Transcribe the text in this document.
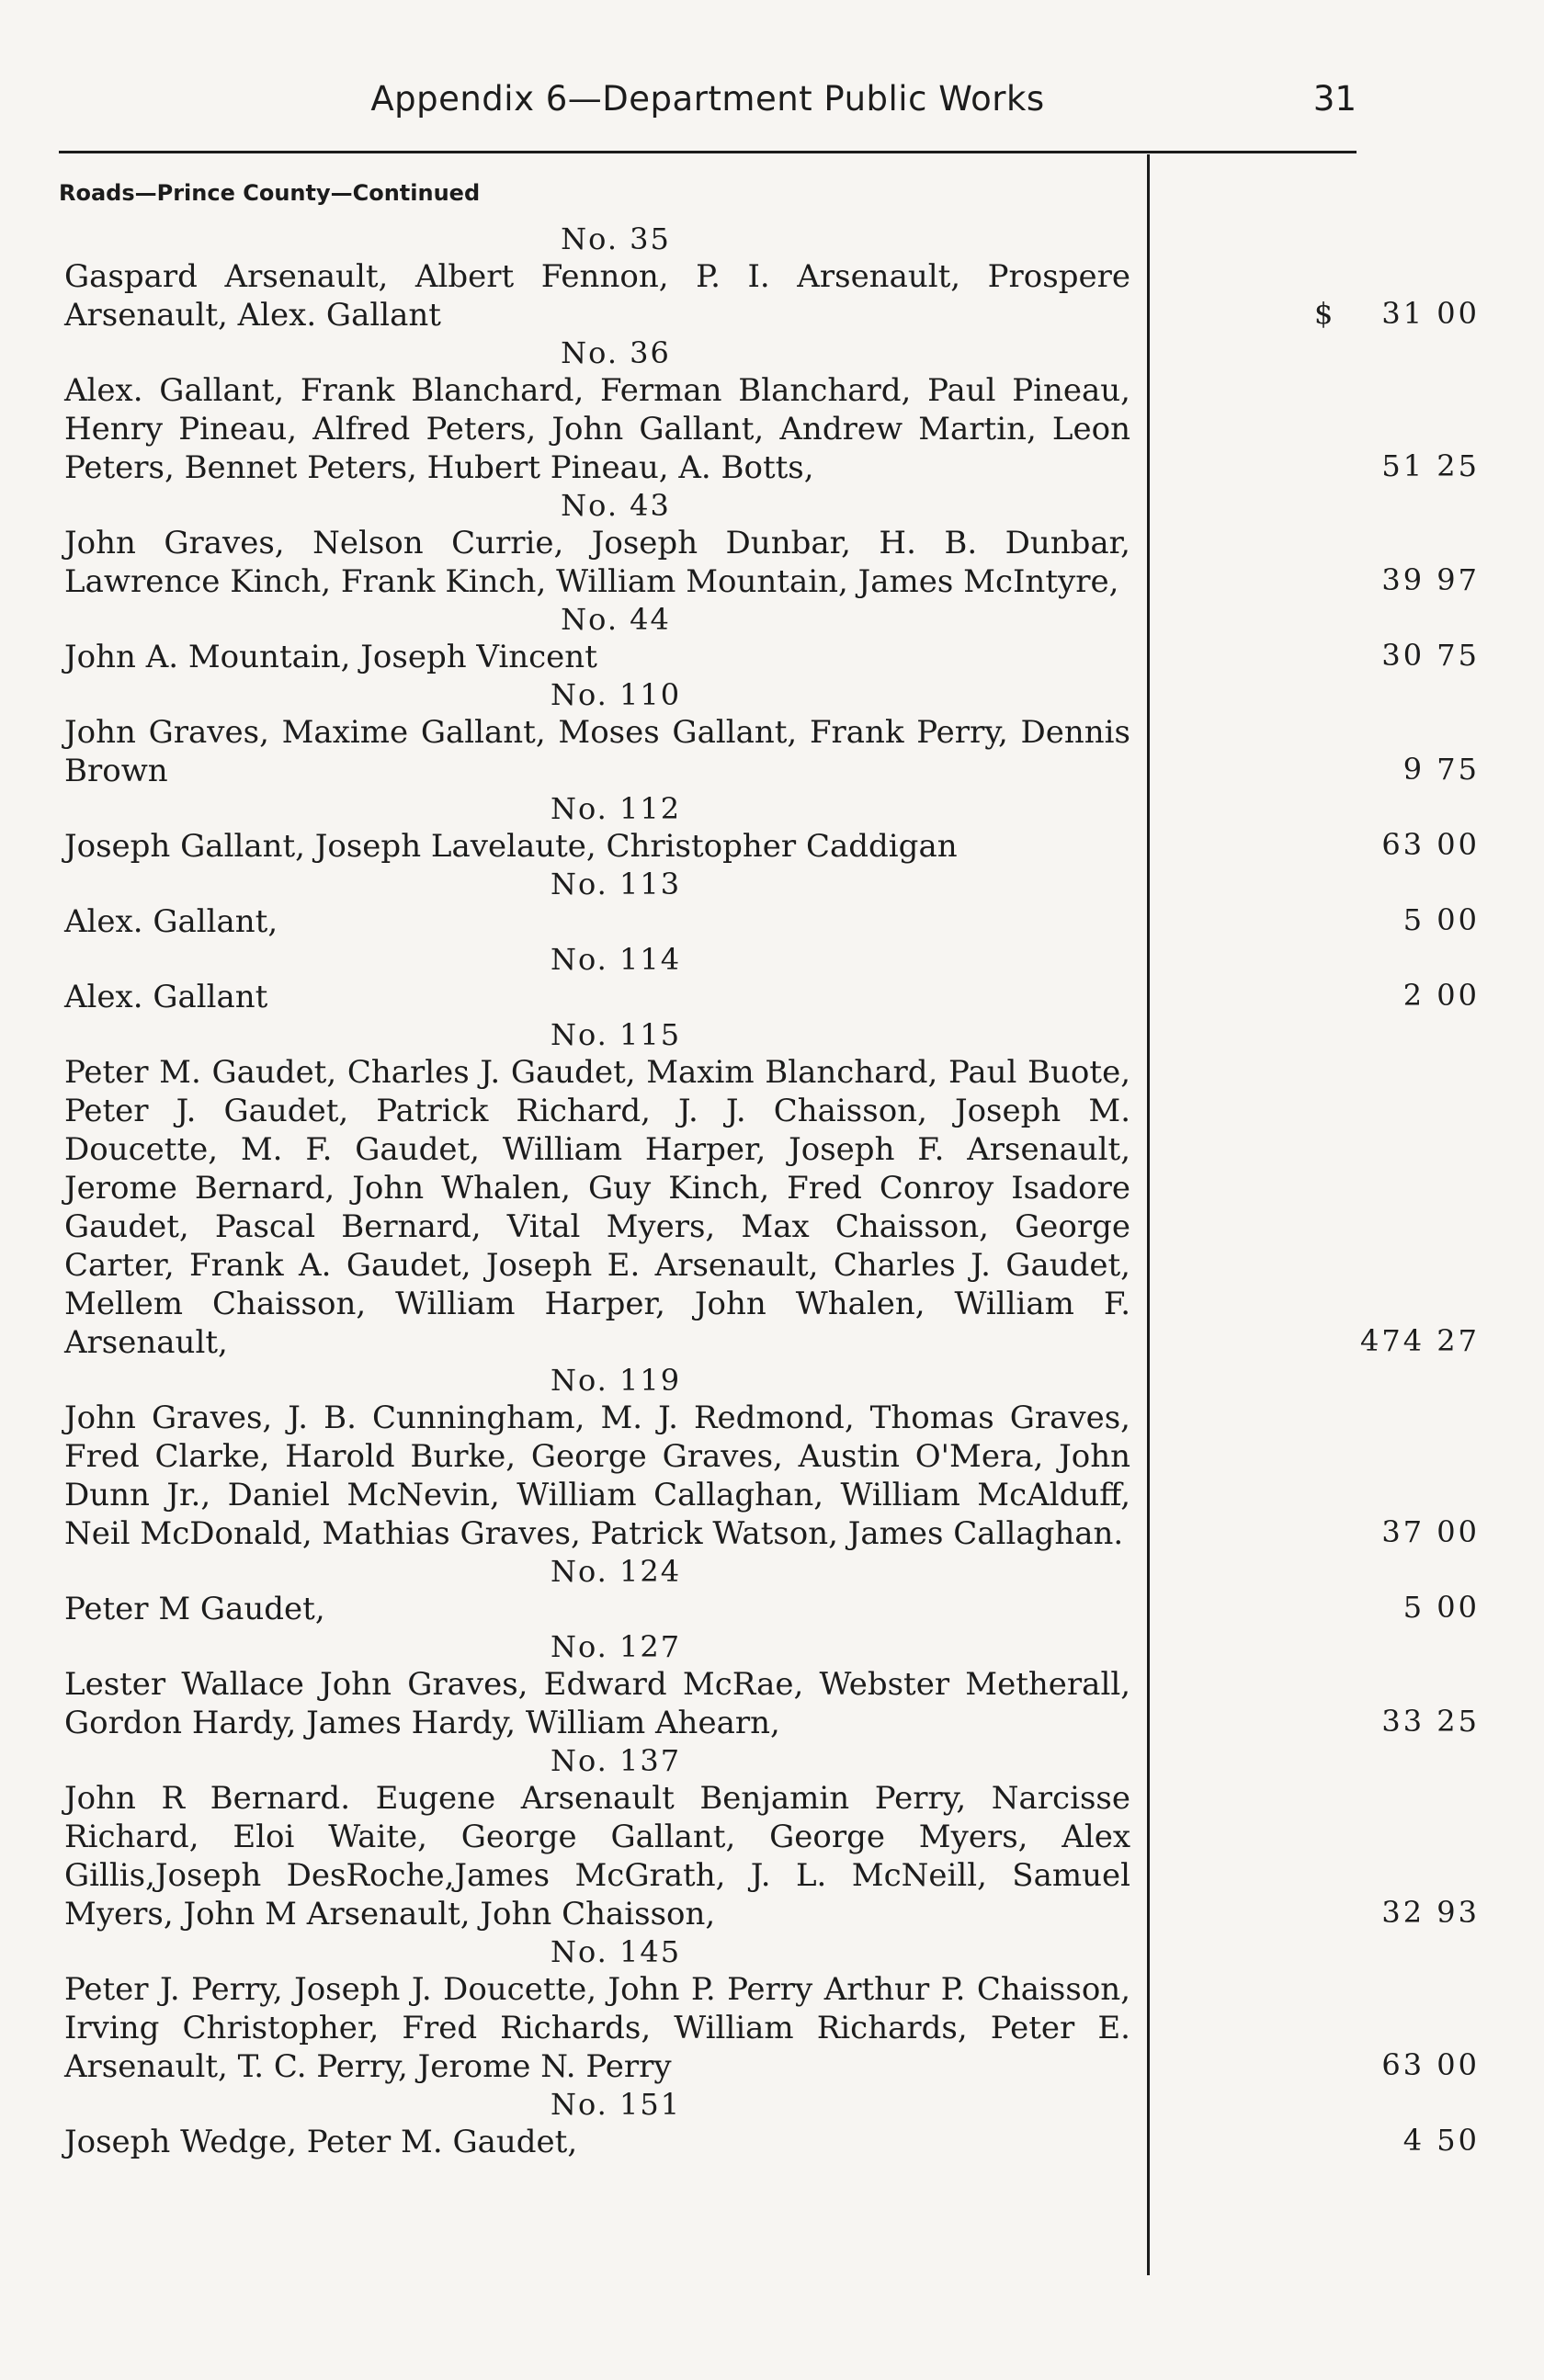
Appendix 6—Department Public Works	31
Roads—Prince County—Continued
No. 35
Gaspard Arsenault, Albert Fennon, P. I. Arsenault, Prospere Arsenault, Alex. Gallant	$ 31 00
No. 36
Alex. Gallant, Frank Blanchard, Ferman Blanchard, Paul Pineau, Henry Pineau, Alfred Peters, John Gallant, Andrew Martin, Leon Peters, Bennet Peters, Hubert Pineau, A. Botts,	51 25
No. 43
John Graves, Nelson Currie, Joseph Dunbar, H. B. Dunbar, Lawrence Kinch, Frank Kinch, William Mountain, James McIntyre,	39 97
No. 44
John A. Mountain, Joseph Vincent	30 75
No. 110
John Graves, Maxime Gallant, Moses Gallant, Frank Perry, Dennis Brown	9 75
No. 112
Joseph Gallant, Joseph Lavelaute, Christopher Caddigan	63 00
No. 113
Alex. Gallant,	5 00
No. 114
Alex. Gallant	2 00
No. 115
Peter M. Gaudet, Charles J. Gaudet, Maxim Blanchard, Paul Buote, Peter J. Gaudet, Patrick Richard, J. J. Chaisson, Joseph M. Doucette, M. F. Gaudet, William Harper, Joseph F. Arsenault, Jerome Bernard, John Whalen, Guy Kinch, Fred Conroy Isadore Gaudet, Pascal Bernard, Vital Myers, Max Chaisson, George Carter, Frank A. Gaudet, Joseph E. Arsenault, Charles J. Gaudet, Mellem Chaisson, William Harper, John Whalen, William F. Arsenault,	474 27
No. 119
John Graves, J. B. Cunningham, M. J. Redmond, Thomas Graves, Fred Clarke, Harold Burke, George Graves, Austin O'Mera, John Dunn Jr., Daniel McNevin, William Callaghan, William McAlduff, Neil McDonald, Mathias Graves, Patrick Watson, James Callaghan.	37 00
No. 124
Peter M Gaudet,	5 00
No. 127
Lester Wallace John Graves, Edward McRae, Webster Metherall, Gordon Hardy, James Hardy, William Ahearn,	33 25
No. 137
John R Bernard. Eugene Arsenault Benjamin Perry, Narcisse Richard, Eloi Waite, George Gallant, George Myers, Alex Gillis,Joseph DesRoche,James McGrath, J. L. McNeill, Samuel Myers, John M Arsenault, John Chaisson,	32 93
No. 145
Peter J. Perry, Joseph J. Doucette, John P. Perry Arthur P. Chaisson, Irving Christopher, Fred Richards, William Richards, Peter E. Arsenault, T. C. Perry, Jerome N. Perry	63 00
No. 151
Joseph Wedge, Peter M. Gaudet,	4 50
